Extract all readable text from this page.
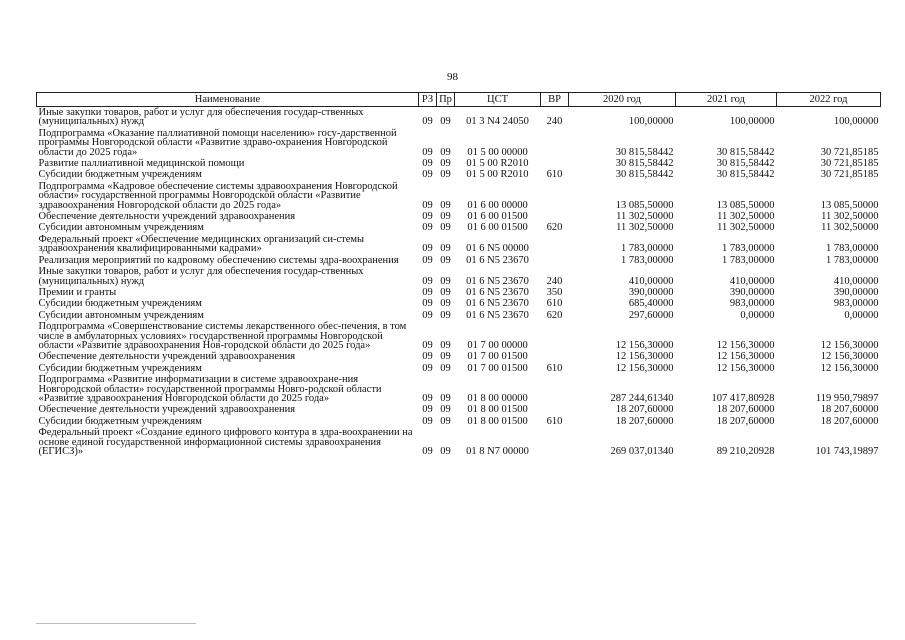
98
Наименование	РЗ	Пр	ЦСТ	ВР	2020 год	2021 год	2022 год
Иные закупки товаров, работ и услуг для обеспечения государ-ственных (муниципальных) нужд	09	09	01 3 N4 24050	240	100,00000	100,00000	100,00000
Подпрограмма «Оказание паллиативной помощи населению» госу-дарственной программы Новгородской области «Развитие здраво-охранения Новгородской области до 2025 года»	09	09	01 5 00 00000		30 815,58442	30 815,58442	30 721,85185
Развитие паллиативной медицинской помощи	09	09	01 5 00 R2010		30 815,58442	30 815,58442	30 721,85185
Субсидии бюджетным учреждениям	09	09	01 5 00 R2010	610	30 815,58442	30 815,58442	30 721,85185
Подпрограмма «Кадровое обеспечение системы здравоохранения Новгородской области» государственной программы Новгородской области «Развитие здравоохранения Новгородской области до 2025 года»	09	09	01 6 00 00000		13 085,50000	13 085,50000	13 085,50000
Обеспечение деятельности учреждений здравоохранения	09	09	01 6 00 01500		11 302,50000	11 302,50000	11 302,50000
Субсидии автономным учреждениям	09	09	01 6 00 01500	620	11 302,50000	11 302,50000	11 302,50000
Федеральный проект «Обеспечение медицинских организаций си-стемы здравоохранения квалифицированными кадрами»	09	09	01 6 N5 00000		1 783,00000	1 783,00000	1 783,00000
Реализация мероприятий по кадровому обеспечению системы здра-воохранения	09	09	01 6 N5 23670		1 783,00000	1 783,00000	1 783,00000
Иные закупки товаров, работ и услуг для обеспечения государ-ственных (муниципальных) нужд	09	09	01 6 N5 23670	240	410,00000	410,00000	410,00000
Премии и гранты	09	09	01 6 N5 23670	350	390,00000	390,00000	390,00000
Субсидии бюджетным учреждениям	09	09	01 6 N5 23670	610	685,40000	983,00000	983,00000
Субсидии автономным учреждениям	09	09	01 6 N5 23670	620	297,60000	0,00000	0,00000
Подпрограмма «Совершенствование системы лекарственного обес-печения, в том числе в амбулаторных условиях» государственной программы Новгородской области «Развитие здравоохранения Нов-городской области до 2025 года»	09	09	01 7 00 00000		12 156,30000	12 156,30000	12 156,30000
Обеспечение деятельности учреждений здравоохранения	09	09	01 7 00 01500		12 156,30000	12 156,30000	12 156,30000
Субсидии бюджетным учреждениям	09	09	01 7 00 01500	610	12 156,30000	12 156,30000	12 156,30000
Подпрограмма «Развитие информатизации в системе здравоохране-ния Новгородской области» государственной программы Новго-родской области «Развитие здравоохранения Новгородской области до 2025 года»	09	09	01 8 00 00000		287 244,61340	107 417,80928	119 950,79897
Обеспечение деятельности учреждений здравоохранения	09	09	01 8 00 01500		18 207,60000	18 207,60000	18 207,60000
Субсидии бюджетным учреждениям	09	09	01 8 00 01500	610	18 207,60000	18 207,60000	18 207,60000
Федеральный проект «Создание единого цифрового контура в здра-воохранении на основе единой государственной информационной системы здравоохранения (ЕГИСЗ)»	09	09	01 8 N7 00000		269 037,01340	89 210,20928	101 743,19897
